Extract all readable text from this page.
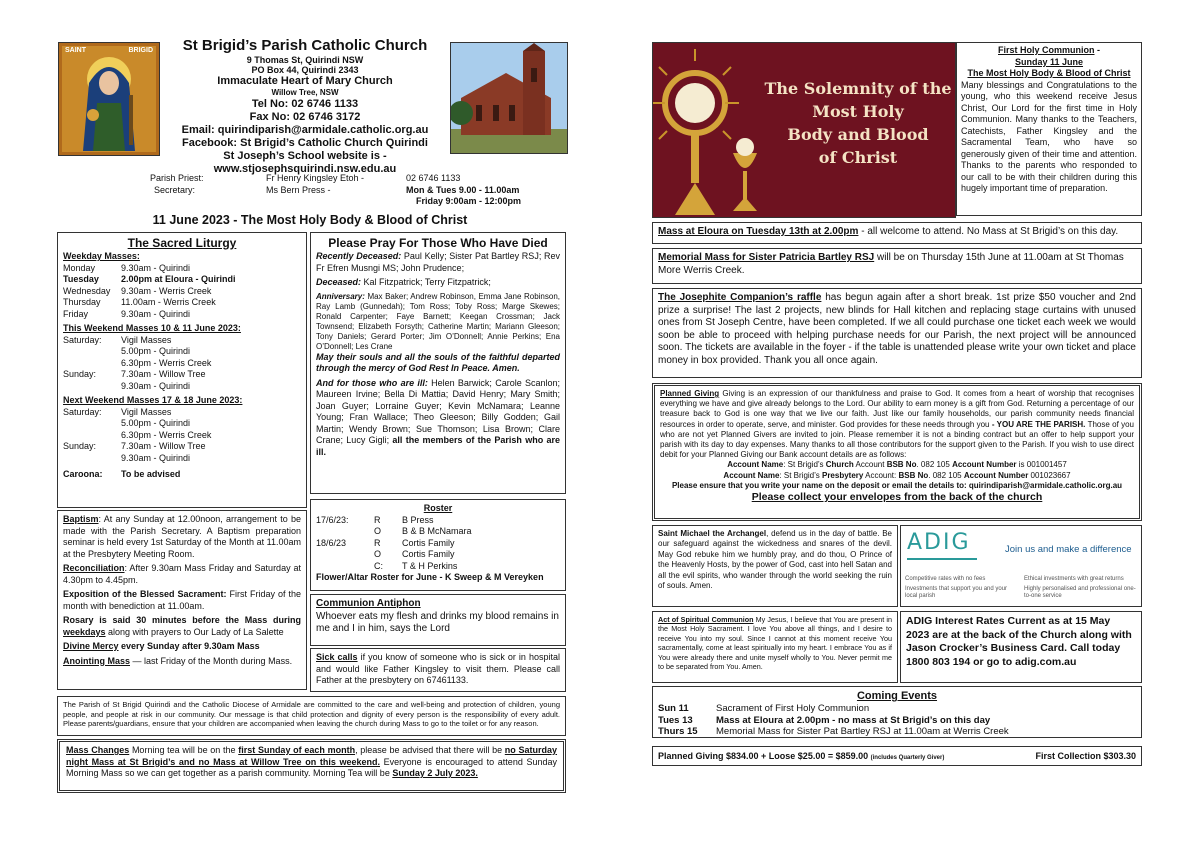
SAINT	BRIGID	St Brigid’s Parish Catholic Church
9 Thomas St, Quirindi NSW
PO Box 44, Quirindi 2343
Immaculate Heart of Mary Church
Willow Tree, NSW
Tel No: 02 6746 1133
Fax No: 02 6746 3172
Email: quirindiparish@armidale.catholic.org.au
Facebook: St Brigid’s Catholic Church Quirindi
St Joseph’s School website is -
www.stjosephsquirindi.nsw.edu.au
Parish Priest:	Fr Henry Kingsley Etoh -	02 6746 1133
Secretary:	Ms Bern Press -	Mon & Tues 9.00 - 11.00am
Friday 9:00am - 12:00pm
11 June 2023 - The Most Holy Body & Blood of Christ
The Sacred Liturgy
Weekday Masses:
Monday	9.30am - Quirindi
Tuesday	2.00pm at Eloura - Quirindi
Wednesday	9.30am - Werris Creek
Thursday	11.00am - Werris Creek
Friday	9.30am - Quirindi
This Weekend Masses 10 & 11 June 2023:
Saturday:	Vigil Masses
5.00pm - Quirindi
6.30pm - Werris Creek
Sunday:	7.30am - Willow Tree
9.30am - Quirindi
Next Weekend Masses 17 & 18 June 2023:
Saturday:	Vigil Masses
5.00pm - Quirindi
6.30pm - Werris Creek
Sunday:	7.30am - Willow Tree
9.30am - Quirindi
Caroona:	To be advised
Please Pray For Those Who Have Died

Recently Deceased: Paul Kelly; Sister Pat Bartley RSJ; Rev Fr Efren Musngi MS; John Prudence;

Deceased: Kal Fitzpatrick; Terry Fitzpatrick;

Anniversary: Max Baker; Andrew Robinson, Emma Jane Robinson, Ray Lamb (Gunnedah); Tom Ross; Toby Ross; Marge Skewes; Ronald Carpenter; Faye Barnett; Keegan Crossman; Jack Townsend; Elizabeth Forsyth; Catherine Martin; Mariann Gleeson; Tony Daniels; Gerard Porter; Jim O’Donnell; Annie Perkins; Ena O’Donnell; Les Crane

May their souls and all the souls of the faithful departed through the mercy of God Rest In Peace. Amen.

And for those who are ill: Helen Barwick; Carole Scanlon; Maureen Irvine; Bella Di Mattia; David Henry; Mary Smith; Joan Guyer; Lorraine Guyer; Kevin McNamara; Leanne Young; Fran Wallace; Theo Gleeson; Billy Godden; Gail Martin; Wendy Brown; Sue Thomson; Lisa Brown; Clare Crane; Lucy Gigli; all the members of the Parish who are ill.

Baptism: At any Sunday at 12.00noon, arrangement to be made with the Parish Secretary. A Baptism preparation seminar is held every 1st Saturday of the Month at 11.00am at the Presbytery Meeting Room.

Reconciliation: After 9.30am Mass Friday and Saturday at 4.30pm to 4.45pm.

Exposition of the Blessed Sacrament: First Friday of the month with benediction at 11.00am.

Rosary is said 30 minutes before the Mass during weekdays along with prayers to Our Lady of La Salette

Divine Mercy every Sunday after 9.30am Mass

Anointing Mass — last Friday of the Month during Mass.

Roster
17/6/23:	R	B Press
O	B & B McNamara
18/6/23	R	Cortis Family
O	Cortis Family
C:	T & H Perkins
Flower/Altar Roster for June - K Sweep & M Vereyken
Communion Antiphon
Whoever eats my flesh and drinks my blood remains in me and I in him, says the Lord
Sick calls if you know of someone who is sick or in hospital and would like Father Kingsley to visit them. Please call Father at the presbytery on 67461133.
The Parish of St Brigid Quirindi and the Catholic Diocese of Armidale are committed to the care and well-being and protection of children, young people, and people at risk in our community. Our message is that child protection and dignity of every person is the responsibility of every adult. Please parents/guardians, ensure that your children are accompanied when leaving the church during Mass to go to the toilet or for any reason.
Mass Changes Morning tea will be on the first Sunday of each month, please be advised that there will be no Saturday night Mass at St Brigid’s and no Mass at Willow Tree on this weekend. Everyone is encouraged to attend Sunday Morning Mass so we can get together as a parish community. Morning Tea will be Sunday 2 July 2023.
The Solemnity of the
Most Holy
Body and Blood
of Christ
First Holy Communion -
Sunday 11 June
The Most Holy Body & Blood of Christ
Many blessings and Congratulations to the young, who this weekend receive Jesus Christ, Our Lord for the first time in Holy Communion. Many thanks to the Teachers, Catechists, Father Kingsley and the Sacramental Team, who have so generously given of their time and attention. Thanks to the parents who responded to our call to be with their children during this hugely important time of preparation.
Mass at Eloura on Tuesday 13th at 2.00pm - all welcome to attend. No Mass at St Brigid’s on this day.
Memorial Mass for Sister Patricia Bartley RSJ will be on Thursday 15th June at 11.00am at St Thomas More Werris Creek.
The Josephite Companion’s raffle has begun again after a short break. 1st prize $50 voucher and 2nd prize a surprise! The last 2 projects, new blinds for Hall kitchen and replacing stage curtains with unused ones from St Joseph Centre, have been completed. If we all could purchase one ticket each week we would soon be able to proceed with helping purchase needs for our Parish, the next project will be announced soon. The tickets are available in the foyer - if the table is unattended please write your own ticket and place money in box provided. Thank you all once again.

Planned Giving Giving is an expression of our thankfulness and praise to God. It comes from a heart of worship that recognises everything we have and give already belongs to the Lord. Our ability to earn money is a gift from God. Returning a percentage of our treasure back to God is one way that we live our faith. Just like our family households, our parish community needs financial resources in order to operate, serve, and minister. God provides for these needs through you - YOU ARE THE PARISH. Those of you who are not yet Planned Givers are invited to join. Please remember it is not a binding contract but an offer to help support your parish with its day to day expenses. Many thanks to all those contributors for the support given to the Parish. If you wish to use direct debit for your Planned Giving our Bank account details are as follows:

Account Name: St Brigid’s Church Account BSB No. 082 105 Account Number is 001001457

Account Name: St Brigid’s Presbytery Account: BSB No. 082 105 Account Number 001023667

Please ensure that you write your name on the deposit or email the details to: quirindiparish@armidale.catholic.org.au

Please collect your envelopes from the back of the church

Saint Michael the Archangel, defend us in the day of battle. Be our safeguard against the wickedness and snares of the devil. May God rebuke him we humbly pray, and do thou, O Prince of the Heavenly Hosts, by the power of God, cast into hell Satan and all the evil spirits, who wander through the world seeking the ruin of souls. Amen.
ADIG	Join us and make a difference
Competitive rates with no fees	Ethical investments with great returns
Investments that support you and your local parish
Highly personalised and professional one-to-one service
Act of Spiritual Communion My Jesus, I believe that You are present in the Most Holy Sacrament. I love You above all things, and I desire to receive You into my soul. Since I cannot at this moment receive You sacramentally, come at least spiritually into my heart. I embrace You as if You were already there and unite myself wholly to You. Never permit me to be separated from You. Amen.
ADIG Interest Rates Current as at 15 May 2023 are at the back of the Church along with Jason Crocker’s Business Card. Call today 1800 803 194 or go to adig.com.au
Coming Events
Sun 11	Sacrament of First Holy Communion
Tues 13	Mass at Eloura at 2.00pm - no mass at St Brigid’s on this day
Thurs 15	Memorial Mass for Sister Pat Bartley RSJ at 11.00am at Werris Creek
Planned Giving $834.00 + Loose $25.00 = $859.00 (includes Quarterly Giver)	First Collection $303.30
